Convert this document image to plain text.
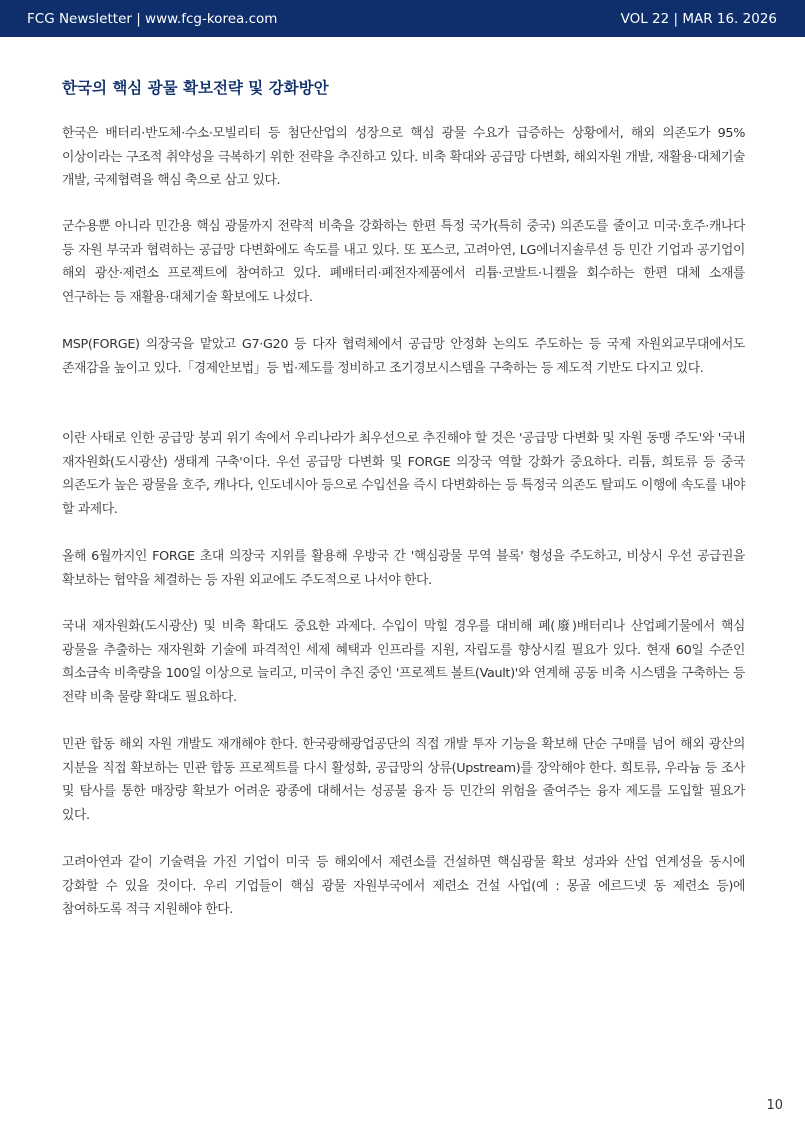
FCG Newsletter | www.fcg-korea.com	VOL 22 | MAR 16. 2026
한국의 핵심 광물 확보전략 및 강화방안

한국은 배터리·반도체·수소·모빌리티 등 첨단산업의 성장으로 핵심 광물 수요가 급증하는 상황에서, 해외 의존도가 95% 이상이라는 구조적 취약성을 극복하기 위한 전략을 추진하고 있다. 비축 확대와 공급망 다변화, 해외자원 개발, 재활용·대체기술 개발, 국제협력을 핵심 축으로 삼고 있다.

군수용뿐 아니라 민간용 핵심 광물까지 전략적 비축을 강화하는 한편 특정 국가(특히 중국) 의존도를 줄이고 미국·호주·캐나다 등 자원 부국과 협력하는 공급망 다변화에도 속도를 내고 있다. 또 포스코, 고려아연, LG에너지솔루션 등 민간 기업과 공기업이 해외 광산·제련소 프로젝트에 참여하고 있다. 폐배터리·폐전자제품에서 리튬·코발트·니켈을 회수하는 한편 대체 소재를 연구하는 등 재활용·대체기술 확보에도 나섰다.

MSP(FORGE) 의장국을 맡았고 G7·G20 등 다자 협력체에서 공급망 안정화 논의도 주도하는 등 국제 자원외교무대에서도 존재감을 높이고 있다.「경제안보법」등 법·제도를 정비하고 조기경보시스템을 구축하는 등 제도적 기반도 다지고 있다.

이란 사태로 인한 공급망 붕괴 위기 속에서 우리나라가 최우선으로 추진해야 할 것은 '공급망 다변화 및 자원 동맹 주도'와 '국내 재자원화(도시광산) 생태계 구축'이다. 우선 공급망 다변화 및 FORGE 의장국 역할 강화가 중요하다. 리튬, 희토류 등 중국 의존도가 높은 광물을 호주, 캐나다, 인도네시아 등으로 수입선을 즉시 다변화하는 등 특정국 의존도 탈피도 이행에 속도를 내야 할 과제다.

올해 6월까지인 FORGE 초대 의장국 지위를 활용해 우방국 간 '핵심광물 무역 블록' 형성을 주도하고, 비상시 우선 공급권을 확보하는 협약을 체결하는 등 자원 외교에도 주도적으로 나서야 한다.

국내 재자원화(도시광산) 및 비축 확대도 중요한 과제다. 수입이 막힐 경우를 대비해 폐(廢)배터리나 산업폐기물에서 핵심 광물을 추출하는 재자원화 기술에 파격적인 세제 혜택과 인프라를 지원, 자립도를 향상시킬 필요가 있다. 현재 60일 수준인 희소금속 비축량을 100일 이상으로 늘리고, 미국이 추진 중인 '프로젝트 볼트(Vault)'와 연계해 공동 비축 시스템을 구축하는 등 전략 비축 물량 확대도 필요하다.

민관 합동 해외 자원 개발도 재개해야 한다. 한국광해광업공단의 직접 개발 투자 기능을 확보해 단순 구매를 넘어 해외 광산의 지분을 직접 확보하는 민관 합동 프로젝트를 다시 활성화, 공급망의 상류(Upstream)를 장악해야 한다. 희토류, 우라늄 등 조사 및 탐사를 통한 매장량 확보가 어려운 광종에 대해서는 성공불 융자 등 민간의 위험을 줄여주는 융자 제도를 도입할 필요가 있다.

고려아연과 같이 기술력을 가진 기업이 미국 등 해외에서 제련소를 건설하면 핵심광물 확보 성과와 산업 연계성을 동시에 강화할 수 있을 것이다. 우리 기업들이 핵심 광물 자원부국에서 제련소 건설 사업(예 : 몽골 에르드넷 동 제련소 등)에 참여하도록 적극 지원해야 한다.

10
